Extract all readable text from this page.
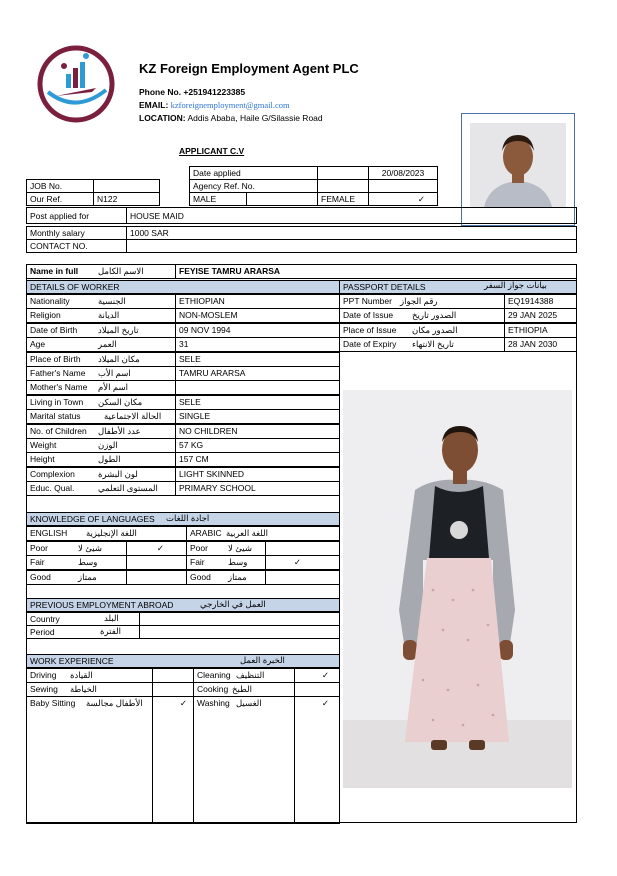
KZ Foreign Employment Agent PLC
Phone No. +251941223385
EMAIL: kzforeignemployment@gmail.com
LOCATION: Addis Ababa, Haile G/Silassie Road
APPLICANT C.V
Date applied	20/08/2023
JOB No.	Agency Ref. No.
Our Ref.	N122	MALE	FEMALE	✓
Post applied for	HOUSE MAID
Monthly salary	1000 SAR
CONTACT NO.
Name in full	الاسم الكامل	FEYISE TAMRU ARARSA
DETAILS OF WORKER	PASSPORT DETAILS	بيانات جواز السفر
Nationality	الجنسية	ETHIOPIAN
Religion	الديانة	NON-MOSLEM
Date of Birth	تاريخ الميلاد	09 NOV 1994
Age	العمر	31
Place of Birth	مكان الميلاد	SELE
Father's Name	اسم الأب	TAMRU ARARSA
Mother's Name	اسم الأم
Living in Town	مكان السكن	SELE
Marital status	الحالة الاجتماعية	SINGLE
No. of Children	عدد الأطفال	NO CHILDREN
Weight	الوزن	57 KG
Height	الطول	157 CM
Complexion	لون البشرة	LIGHT SKINNED
Educ. Qual.	المستوى التعلمي	PRIMARY SCHOOL
PPT Number رقم الجواز	EQ1914388
Date of Issue	الصدور تاريخ	29 JAN 2025
Place of Issue	الصدور مكان	ETHIOPIA
Date of Expiry	تاريخ الانتهاء	28 JAN 2030
KNOWLEDGE OF LANGUAGES	اجادة اللغات
ENGLISH	اللغة الإنجليزية	ARABIC اللغة العربية
Poor	شيئ لا	✓	Poor	شيئ لا
Fair	وسط	Fair	وسط	✓
Good	ممتاز	Good	ممتاز
PREVIOUS EMPLOYMENT ABROAD	العمل في الخارجي
Country	البلد
Period	الفترة
WORK EXPERIENCE	الخبرة العمل
Driving	القيادة	Cleaning التنظيف	✓
Sewing	الخياطة	Cooking الطبخ
Baby Sitting	الأطفال مجالسة	✓	Washing الغسيل	✓
